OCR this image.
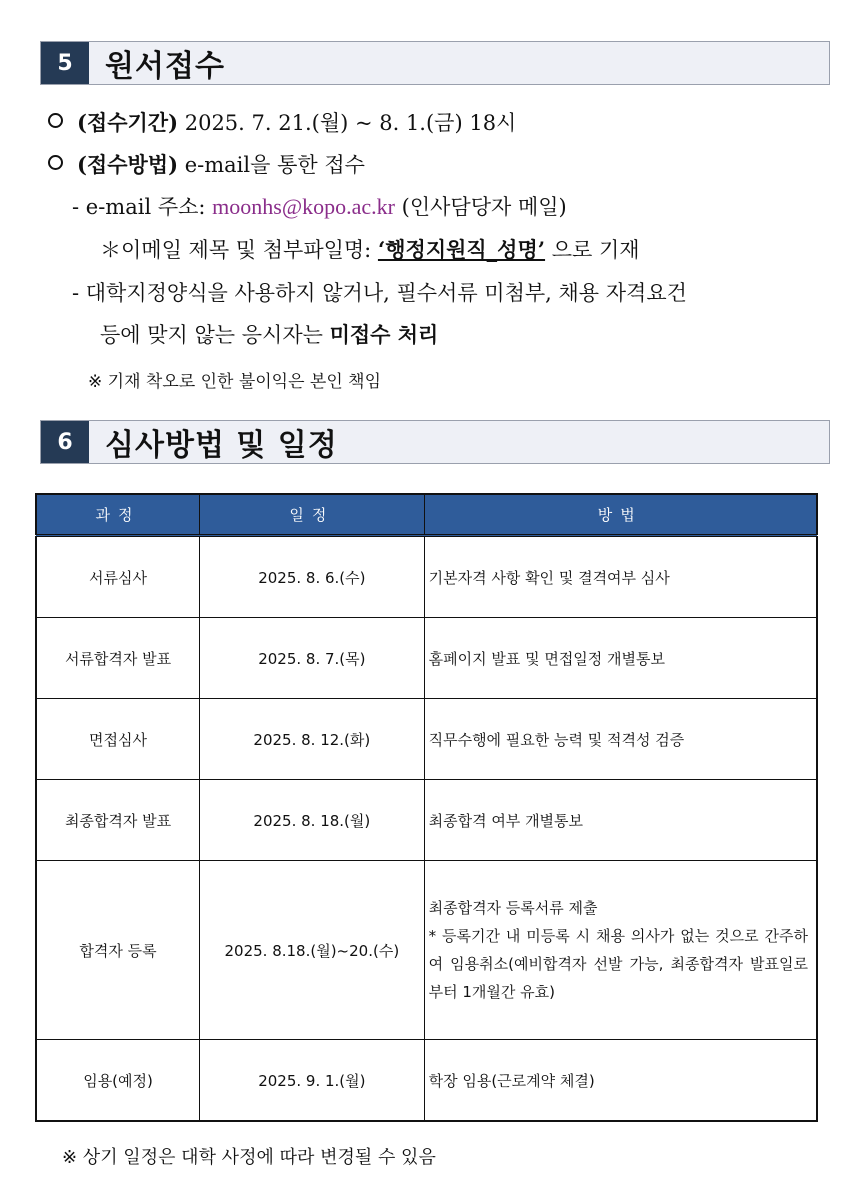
5	원서접수
(접수기간) 2025. 7. 21.(월) ~ 8. 1.(금) 18시
(접수방법) e-mail을 통한 접수
- e-mail 주소: moonhs@kopo.ac.kr (인사담당자 메일)
＊이메일 제목 및 첨부파일명: ‘행정지원직_성명’ 으로 기재
- 대학지정양식을 사용하지 않거나, 필수서류 미첨부, 채용 자격요건
등에 맞지 않는 응시자는 미접수 처리
※ 기재 착오로 인한 불이익은 본인 책임
6	심사방법 및 일정
과정	일정	방법
서류심사	2025. 8. 6.(수)	기본자격 사항 확인 및 결격여부 심사
서류합격자 발표	2025. 8. 7.(목)	홈페이지 발표 및 면접일정 개별통보
면접심사	2025. 8. 12.(화)	직무수행에 필요한 능력 및 적격성 검증
최종합격자 발표	2025. 8. 18.(월)	최종합격 여부 개별통보
합격자 등록	2025. 8.18.(월)~20.(수)	최종합격자 등록서류 제출
* 등록기간 내 미등록 시 채용 의사가 없는 것으로 간주하여 임용취소(예비합격자 선발 가능, 최종합격자 발표일로부터 1개월간 유효)

임용(예정)	2025. 9. 1.(월)	학장 임용(근로계약 체결)
※ 상기 일정은 대학 사정에 따라 변경될 수 있음
